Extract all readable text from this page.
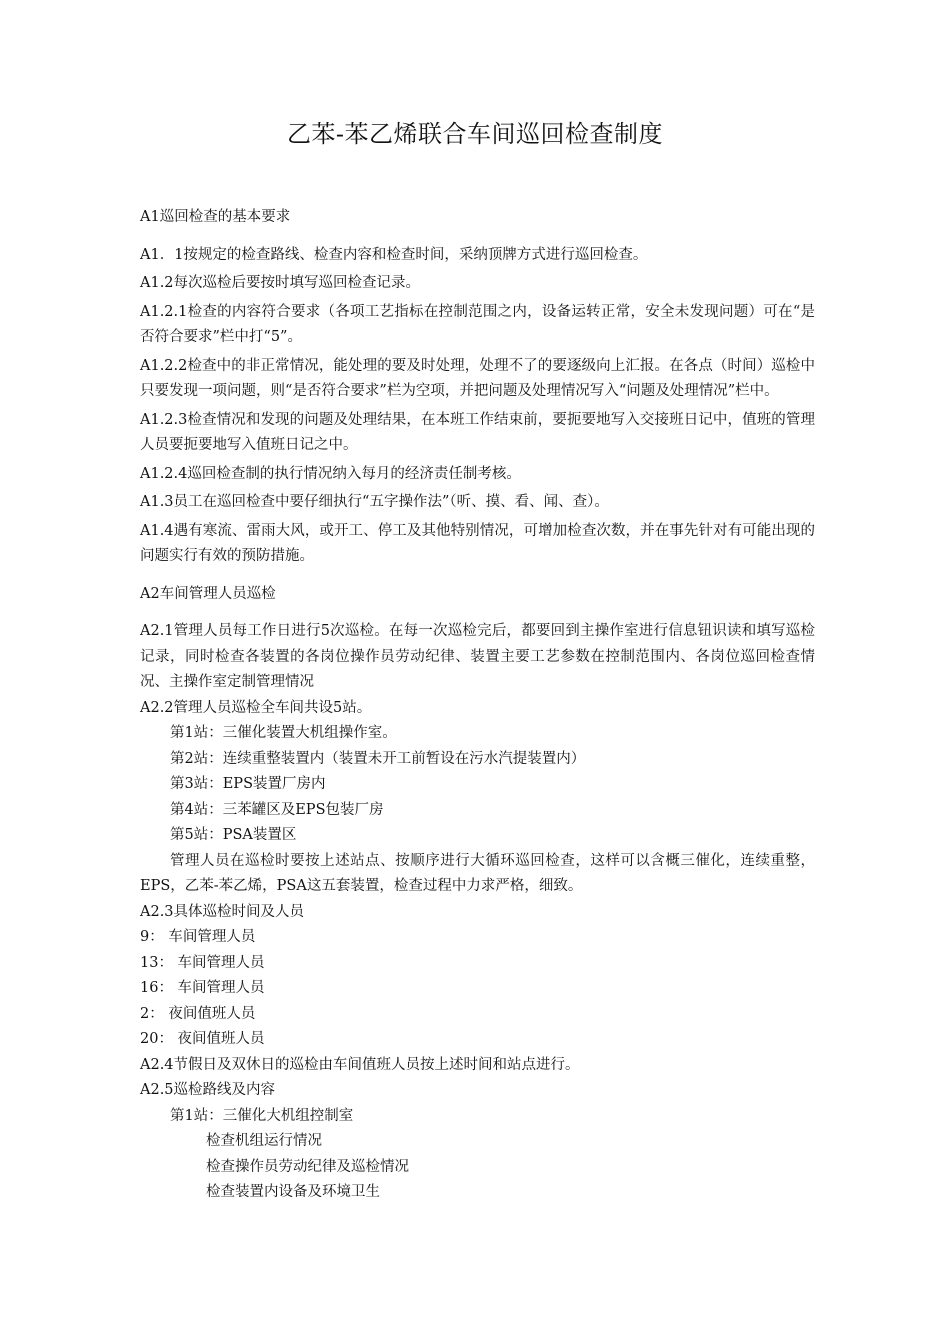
乙苯-苯乙烯联合车间巡回检查制度

A1巡回检查的基本要求

A1．1按规定的检查路线、检查内容和检查时间，采纳顶牌方式进行巡回检查。

A1.2每次巡检后要按时填写巡回检查记录。

A1.2.1检查的内容符合要求（各项工艺指标在控制范围之内，设备运转正常，安全未发现问题）可在“是否符合要求”栏中打“5”。

A1.2.2检查中的非正常情况，能处理的要及时处理，处理不了的要逐级向上汇报。在各点（时间）巡检中只要发现一项问题，则“是否符合要求”栏为空项，并把问题及处理情况写入“问题及处理情况”栏中。

A1.2.3检查情况和发现的问题及处理结果，在本班工作结束前，要扼要地写入交接班日记中，值班的管理人员要扼要地写入值班日记之中。

A1.2.4巡回检查制的执行情况纳入每月的经济责任制考核。

A1.3员工在巡回检查中要仔细执行“五字操作法”（听、摸、看、闻、查）。

A1.4遇有寒流、雷雨大风，或开工、停工及其他特别情况，可增加检查次数，并在事先针对有可能出现的问题实行有效的预防措施。

A2车间管理人员巡检

A2.1管理人员每工作日进行5次巡检。在每一次巡检完后，都要回到主操作室进行信息钮识读和填写巡检记录，同时检查各装置的各岗位操作员劳动纪律、装置主要工艺参数在控制范围内、各岗位巡回检查情况、主操作室定制管理情况

A2.2管理人员巡检全车间共设5站。

第1站：三催化装置大机组操作室。

第2站：连续重整装置内（装置未开工前暂设在污水汽提装置内）

第3站：EPS装置厂房内

第4站：三苯罐区及EPS包装厂房

第5站：PSA装置区

管理人员在巡检时要按上述站点、按顺序进行大循环巡回检查，这样可以含概三催化，连续重整，EPS，乙苯-苯乙烯，PSA这五套装置，检查过程中力求严格，细致。

A2.3具体巡检时间及人员

9： 车间管理人员

13： 车间管理人员

16： 车间管理人员

2： 夜间值班人员

20： 夜间值班人员

A2.4节假日及双休日的巡检由车间值班人员按上述时间和站点进行。

A2.5巡检路线及内容

第1站：三催化大机组控制室

检查机组运行情况

检查操作员劳动纪律及巡检情况

检查装置内设备及环境卫生
